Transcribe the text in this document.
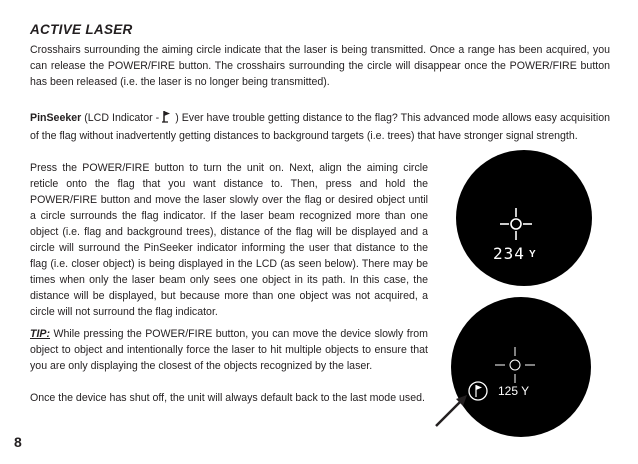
ACTIVE LASER
Crosshairs surrounding the aiming circle indicate that the laser is being transmitted. Once a range has been acquired, you can release the POWER/FIRE button. The crosshairs surrounding the circle will disappear once the POWER/FIRE button has been released (i.e. the laser is no longer being transmitted).
PinSeeker (LCD Indicator -  ) Ever have trouble getting distance to the flag? This advanced mode allows easy acquisition of the flag without inadvertently getting distances to background targets (i.e. trees) that have stronger signal strength.
Press the POWER/FIRE button to turn the unit on. Next, align the aiming circle reticle onto the flag that you want distance to. Then, press and hold the POWER/FIRE button and move the laser slowly over the flag or desired object until a circle surrounds the flag indicator. If the laser beam recognized more than one object (i.e. flag and background trees), distance of the flag will be displayed and a circle will surround the PinSeeker indicator informing the user that distance to the flag (i.e. closer object) is being displayed in the LCD (as seen below). There may be times when only the laser beam only sees one object in its path. In this case, the distance will be displayed, but because more than one object was not acquired, a circle will not surround the flag indicator.
TIP: While pressing the POWER/FIRE button, you can move the device slowly from object to object and intentionally force the laser to hit multiple objects to ensure that you are only displaying the closest of the objects recognized by the laser.
Once the device has shut off, the unit will always default back to the last mode used.
8
234 Y
125 Y
